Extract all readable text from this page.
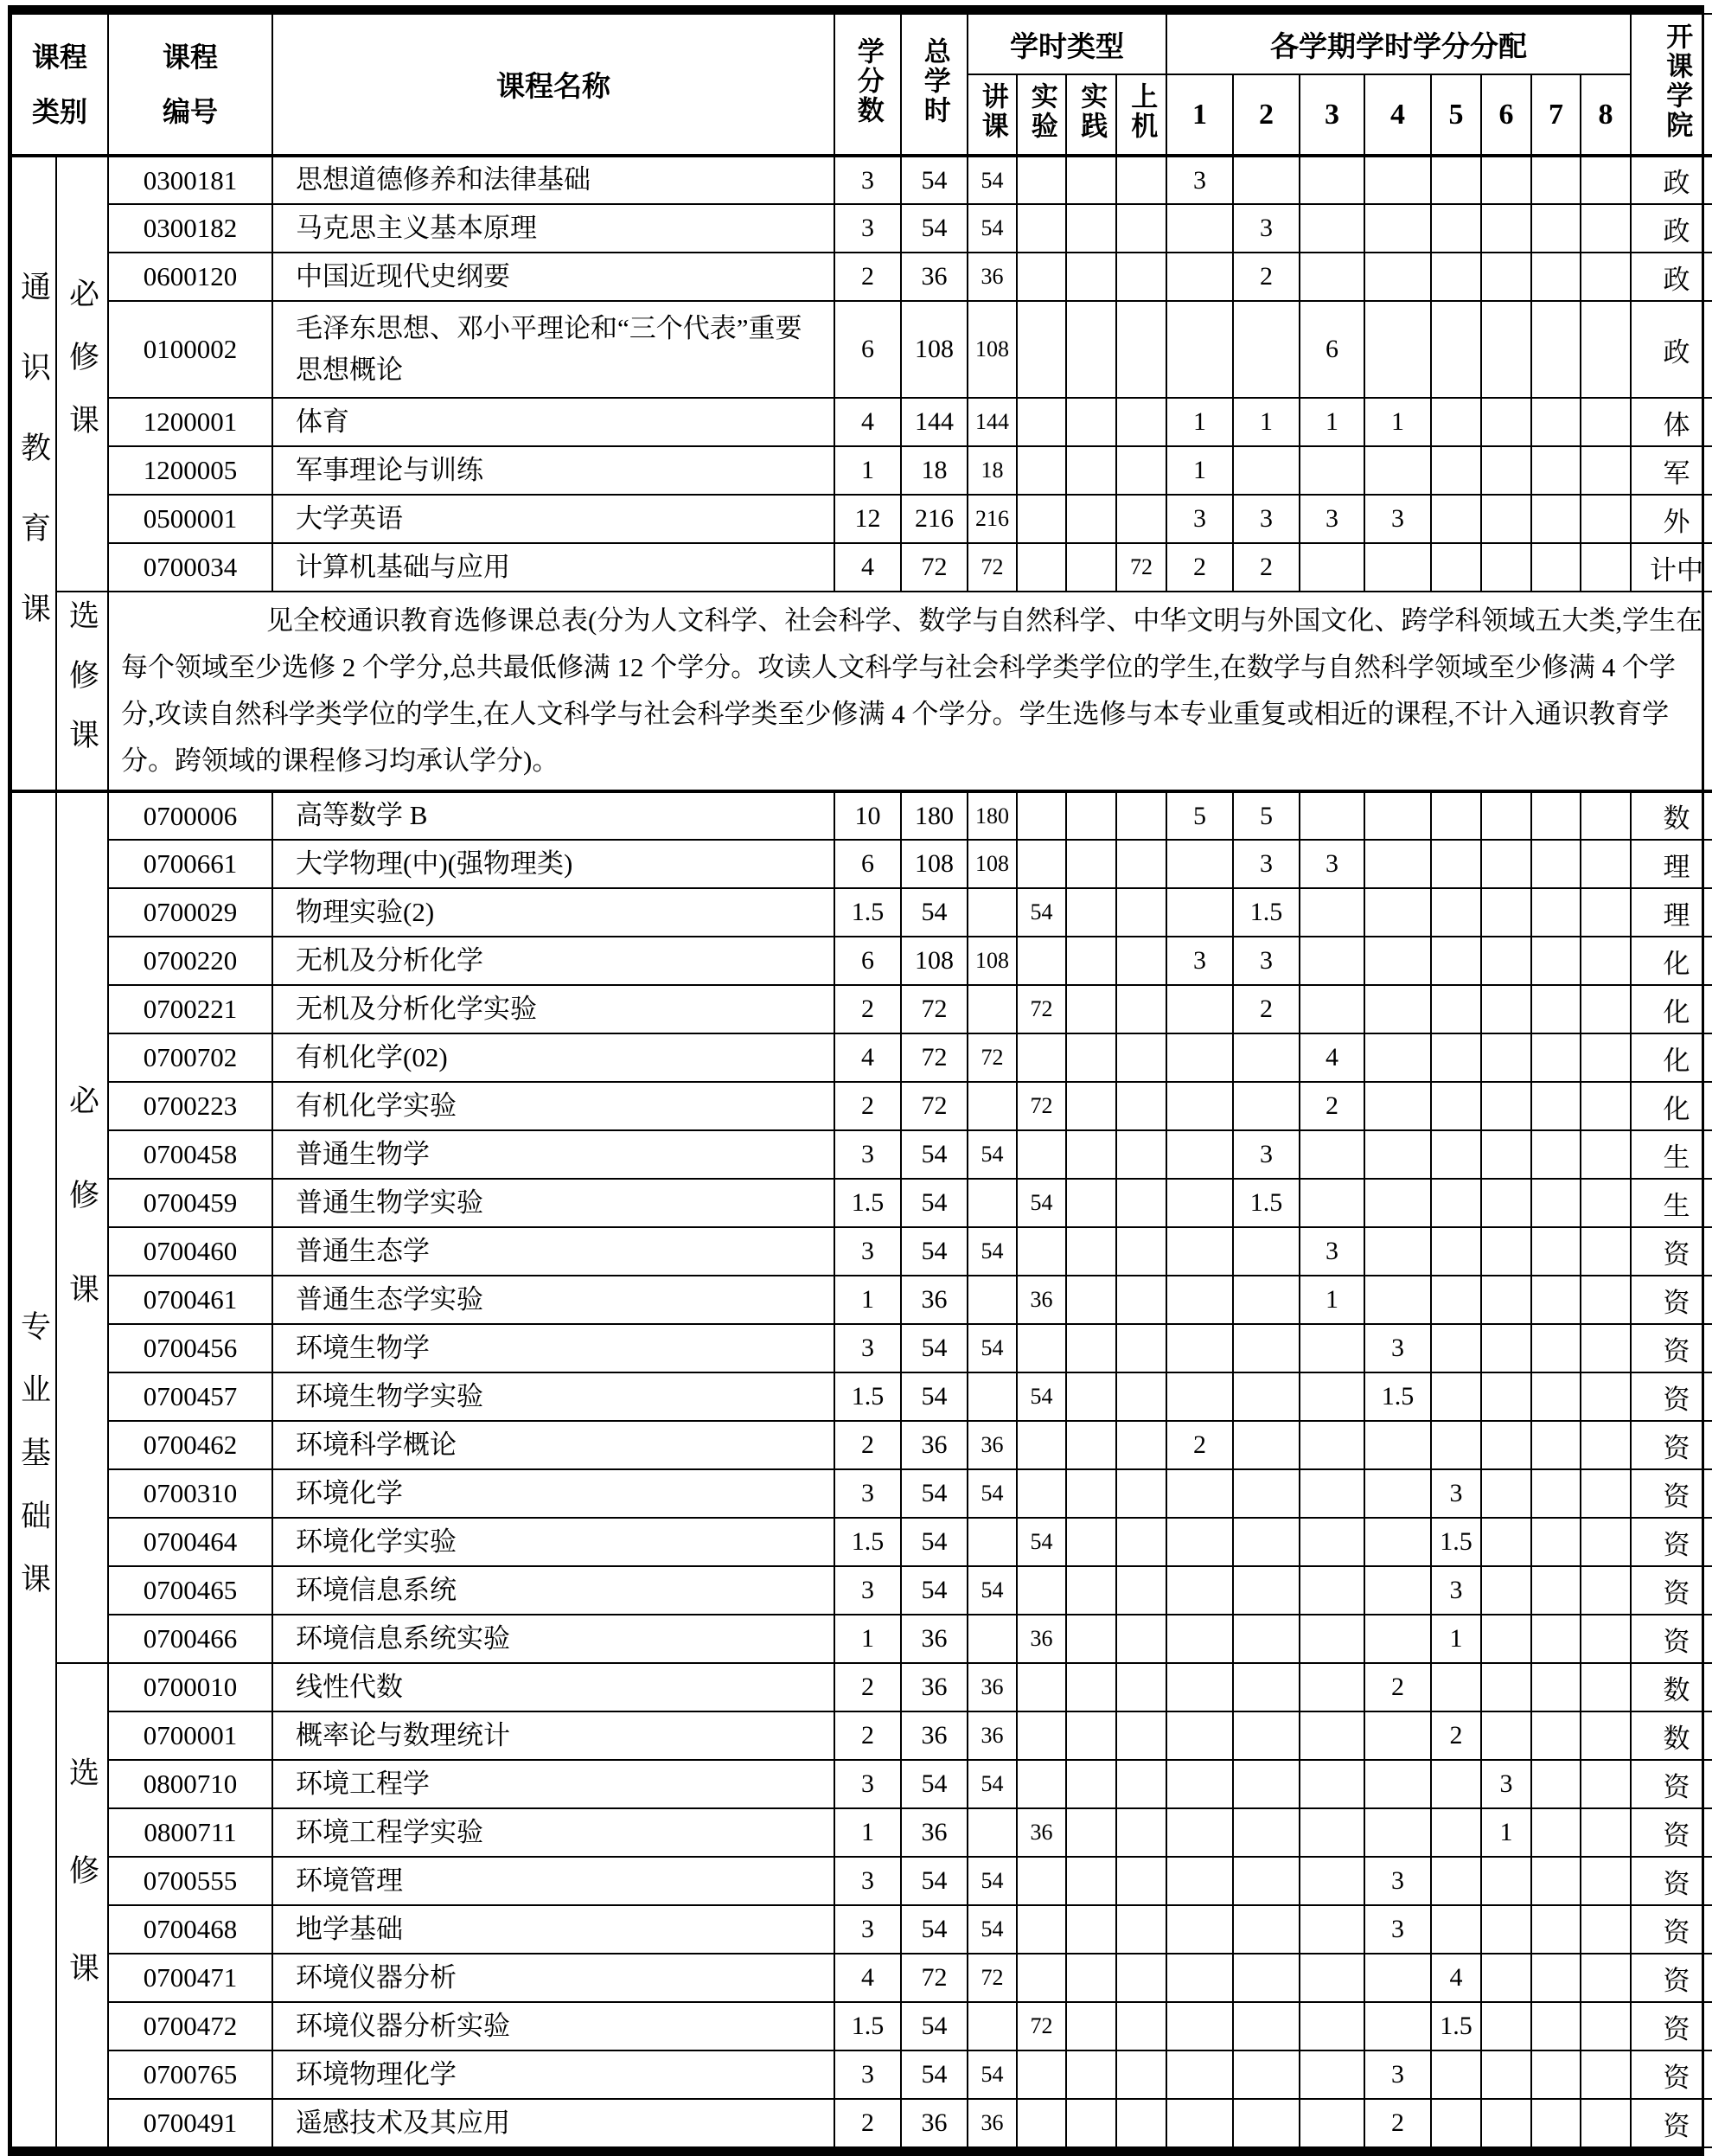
课程类别		课程编号	课程名称	学分数	总学时	学时类型				各学期学时学分分配								开课学院
						讲课	实验	实践	上机	1	2	3	4	5	6	7	8	
通识教育课	必修课	0300181	思想道德修养和法律基础	3	54	54				3								政
		0300182	马克思主义基本原理	3	54	54					3							政
		0600120	中国近现代史纲要	2	36	36					2							政
		0100002	毛泽东思想、邓小平理论和“三个代表”重要思想概论	6	108	108						6						政
		1200001	体育	4	144	144				1	1	1	1					体
		1200005	军事理论与训练	1	18	18				1								军
		0500001	大学英语	12	216	216				3	3	3	3					外
		0700034	计算机基础与应用	4	72	72			72	2	2							计中
	选修课	见全校通识教育选修课总表(分为人文科学、社会科学、数学与自然科学、中华文明与外国文化、跨学科领域五大类,学生在每个领域至少选修 2 个学分,总共最低修满 12 个学分。攻读人文科学与社会科学类学位的学生,在数学与自然科学领域至少修满 4 个学分,攻读自然科学类学位的学生,在人文科学与社会科学类至少修满 4 个学分。学生选修与本专业重复或相近的课程,不计入通识教育学分。跨领域的课程修习均承认学分)。																
专业基础课	必修课	0700006	高等数学 B	10	180	180				5	5							数
		0700661	大学物理(中)(强物理类)	6	108	108					3	3						理
		0700029	物理实验(2)	1.5	54		54				1.5							理
		0700220	无机及分析化学	6	108	108				3	3							化
		0700221	无机及分析化学实验	2	72		72				2							化
		0700702	有机化学(02)	4	72	72						4						化
		0700223	有机化学实验	2	72		72					2						化
		0700458	普通生物学	3	54	54					3							生
		0700459	普通生物学实验	1.5	54		54				1.5							生
		0700460	普通生态学	3	54	54						3						资
		0700461	普通生态学实验	1	36		36					1						资
		0700456	环境生物学	3	54	54							3					资
		0700457	环境生物学实验	1.5	54		54						1.5					资
		0700462	环境科学概论	2	36	36				2								资
		0700310	环境化学	3	54	54								3				资
		0700464	环境化学实验	1.5	54		54							1.5				资
		0700465	环境信息系统	3	54	54								3				资
		0700466	环境信息系统实验	1	36		36							1				资
	选修课	0700010	线性代数	2	36	36							2					数
		0700001	概率论与数理统计	2	36	36								2				数
		0800710	环境工程学	3	54	54									3			资
		0800711	环境工程学实验	1	36		36								1			资
		0700555	环境管理	3	54	54							3					资
		0700468	地学基础	3	54	54							3					资
		0700471	环境仪器分析	4	72	72								4				资
		0700472	环境仪器分析实验	1.5	54		72							1.5				资
		0700765	环境物理化学	3	54	54							3					资
		0700491	遥感技术及其应用	2	36	36							2					资
